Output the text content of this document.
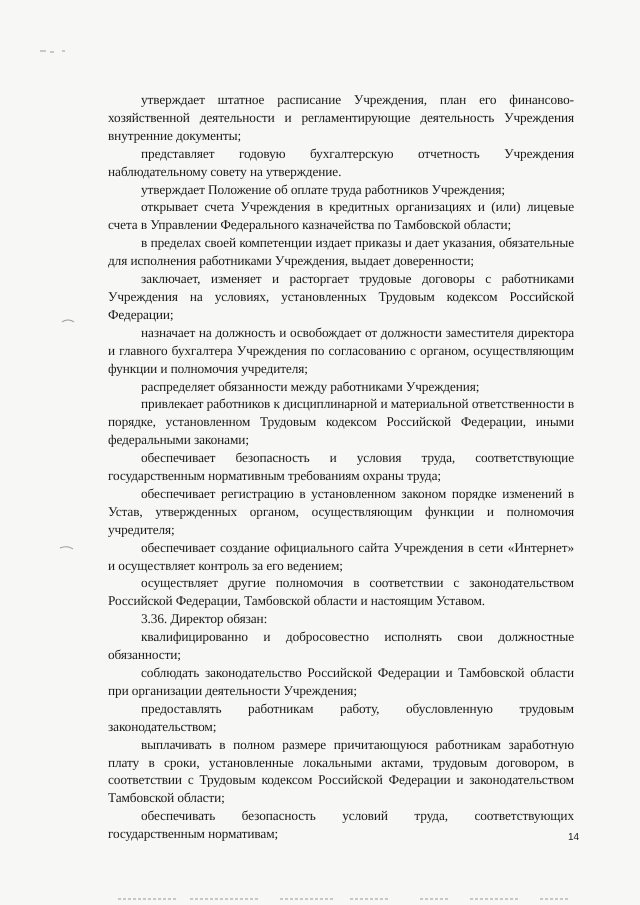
утверждает штатное расписание Учреждения, план его финансово-хозяйственной деятельности и регламентирующие деятельность Учреждения внутренние документы;

представляет годовую бухгалтерскую отчетность Учреждения наблюдательному совету на утверждение.

утверждает Положение об оплате труда работников Учреждения;

открывает счета Учреждения в кредитных организациях и (или) лицевые счета в Управлении Федерального казначейства по Тамбовской области;

в пределах своей компетенции издает приказы и дает указания, обязательные для исполнения работниками Учреждения, выдает доверенности;

заключает, изменяет и расторгает трудовые договоры с работниками Учреждения на условиях, установленных Трудовым кодексом Российской Федерации;

назначает на должность и освобождает от должности заместителя директора и главного бухгалтера Учреждения по согласованию с органом, осуществляющим функции и полномочия учредителя;

распределяет обязанности между работниками Учреждения;

привлекает работников к дисциплинарной и материальной ответственности в порядке, установленном Трудовым кодексом Российской Федерации, иными федеральными законами;

обеспечивает безопасность и условия труда, соответствующие государственным нормативным требованиям охраны труда;

обеспечивает регистрацию в установленном законом порядке изменений в Устав, утвержденных органом, осуществляющим функции и полномочия учредителя;

обеспечивает создание официального сайта Учреждения в сети «Интернет» и осуществляет контроль за его ведением;

осуществляет другие полномочия в соответствии с законодательством Российской Федерации, Тамбовской области и настоящим Уставом.

3.36. Директор обязан:

квалифицированно и добросовестно исполнять свои должностные обязанности;

соблюдать законодательство Российской Федерации и Тамбовской области при организации деятельности Учреждения;

предоставлять работникам работу, обусловленную трудовым законодательством;

выплачивать в полном размере причитающуюся работникам заработную плату в сроки, установленные локальными актами, трудовым договором, в соответствии с Трудовым кодексом Российской Федерации и законодательством Тамбовской области;

обеспечивать безопасность условий труда, соответствующих государственным нормативам;	14
